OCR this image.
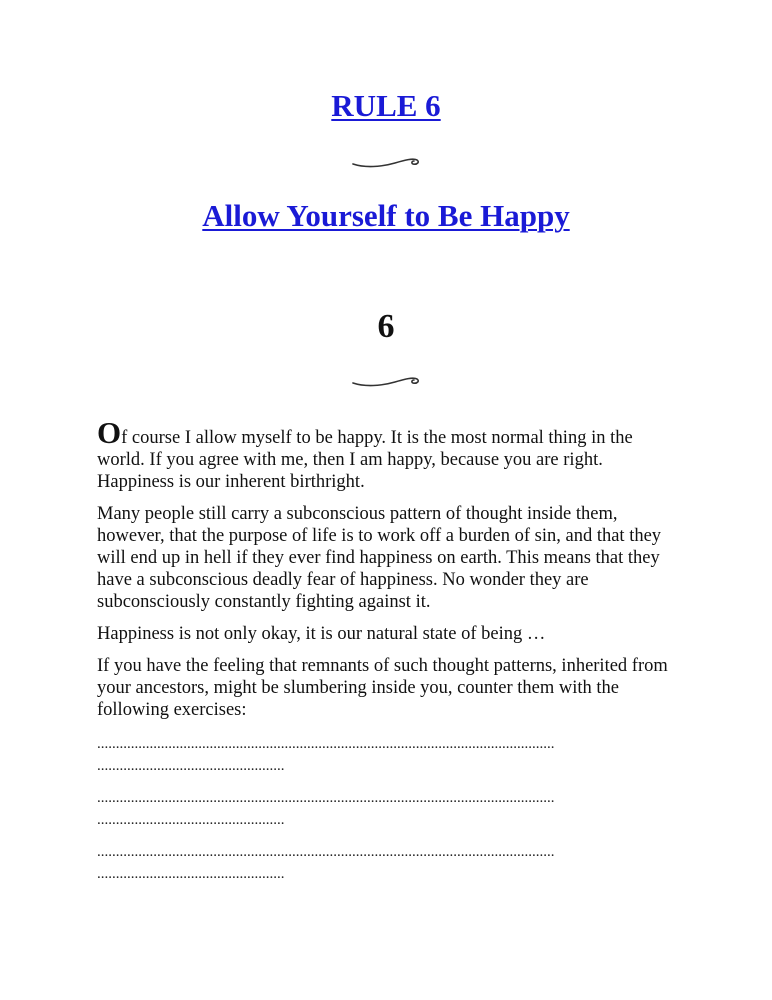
RULE 6
Allow Yourself to Be Happy
6

Of course I allow myself to be happy. It is the most normal thing in the world. If you agree with me, then I am happy, because you are right. Happiness is our inherent birthright.

Many people still carry a subconscious pattern of thought inside them, however, that the purpose of life is to work off a burden of sin, and that they will end up in hell if they ever find happiness on earth. This means that they have a subconscious deadly fear of happiness. No wonder they are subconsciously constantly fighting against it.

Happiness is not only okay, it is our natural state of being …

If you have the feeling that remnants of such thought patterns, inherited from your ancestors, might be slumbering inside you, counter them with the following exercises:

..........................................................................................................................
..................................................
..........................................................................................................................
..................................................
..........................................................................................................................
..................................................
